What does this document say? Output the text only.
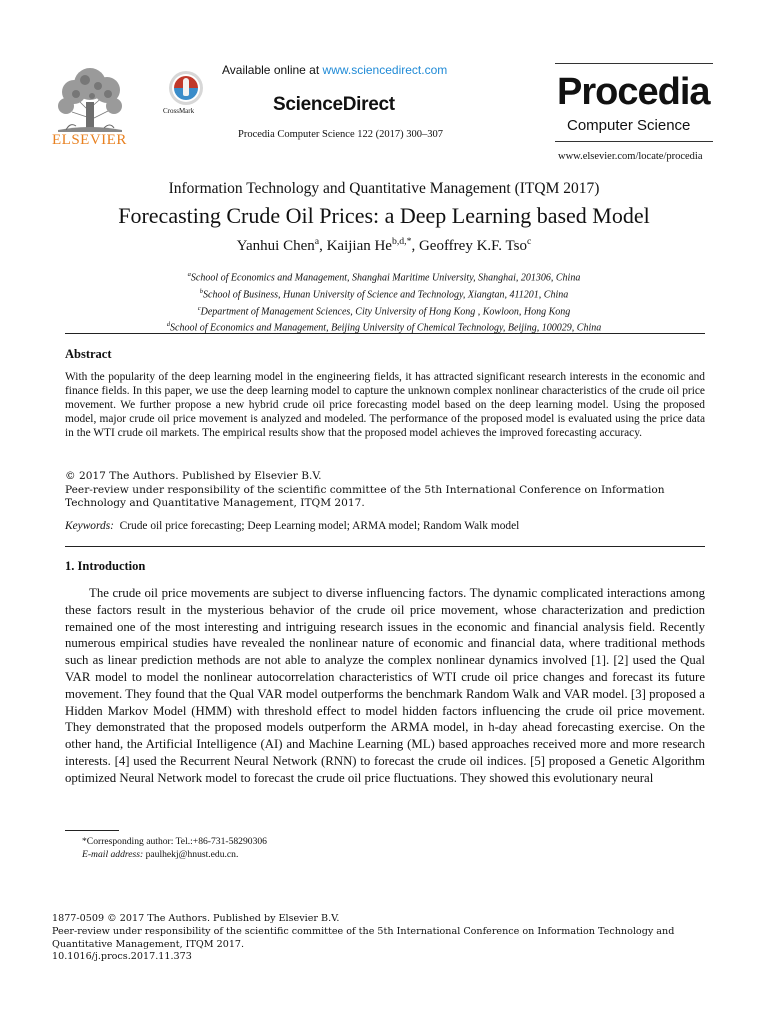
ELSEVIER
CrossMark
Available online at www.sciencedirect.com
ScienceDirect
Procedia Computer Science 122 (2017) 300–307
Procedia
Computer Science
www.elsevier.com/locate/procedia
Information Technology and Quantitative Management (ITQM 2017)
Forecasting Crude Oil Prices: a Deep Learning based Model
Yanhui Chen$^a$, Kaijian $He^{b,d,*}$, Geoffrey K.F. Tso$^c$
$^a$School of Economics and Management, Shanghai Maritime University, Shanghai, 201306, China
$^b$School of Business, Hunan University of Science and Technology, Xiangtan, 411201, China
$^c$Department of Management Sciences, City University of Hong Kong , Kowloon, Hong Kong
$^d$School of Economics and Management, Beijing University of Chemical Technology, Beijing, 100029, China
Abstract
With the popularity of the deep learning model in the engineering fields, it has attracted significant research interests in the economic and finance fields. In this paper, we use the deep learning model to capture the unknown complex nonlinear characteristics of the crude oil price movement. We further propose a new hybrid crude oil price forecasting model based on the deep learning model. Using the proposed model, major crude oil price movement is analyzed and modeled. The performance of the proposed model is evaluated using the price data in the WTI crude oil markets. The empirical results show that the proposed model achieves the improved forecasting accuracy.
© 2017 The Authors. Published by Elsevier B.V.
Peer-review under responsibility of the scientific committee of the 5th International Conference on Information Technology and Quantitative Management, ITQM 2017.
Keywords: Crude oil price forecasting; Deep Learning model; ARMA model; Random Walk model
1. Introduction
The crude oil price movements are subject to diverse influencing factors. The dynamic complicated interactions among these factors result in the mysterious behavior of the crude oil price movement, whose characterization and prediction remained one of the most interesting and intriguing research issues in the economic and financial analysis field. Recently numerous empirical studies have revealed the nonlinear nature of economic and financial data, where traditional methods such as linear prediction methods are not able to analyze the complex nonlinear dynamics involved [1]. [2] used the Qual VAR model to model the nonlinear autocorrelation characteristics of WTI crude oil price changes and forecast its future movement. They found that the Qual VAR model outperforms the benchmark Random Walk and VAR model. [3] proposed a Hidden Markov Model (HMM) with threshold effect to model hidden factors influencing the crude oil price movement. They demonstrated that the proposed models outperform the ARMA model, in h-day ahead forecasting exercise. On the other hand, the Artificial Intelligence (AI) and Machine Learning (ML) based approaches received more and more research interests. [4] used the Recurrent Neural Network (RNN) to forecast the crude oil indices. [5] proposed a Genetic Algorithm optimized Neural Network model to forecast the crude oil price fluctuations. They showed this evolutionary neural
*Corresponding author: Tel.:+86-731-58290306
E-mail address: paulhekj@hnust.edu.cn.
1877-0509 © 2017 The Authors. Published by Elsevier B.V.
Peer-review under responsibility of the scientific committee of the 5th International Conference on Information Technology and Quantitative Management, ITQM 2017.
10.1016/j.procs.2017.11.373
